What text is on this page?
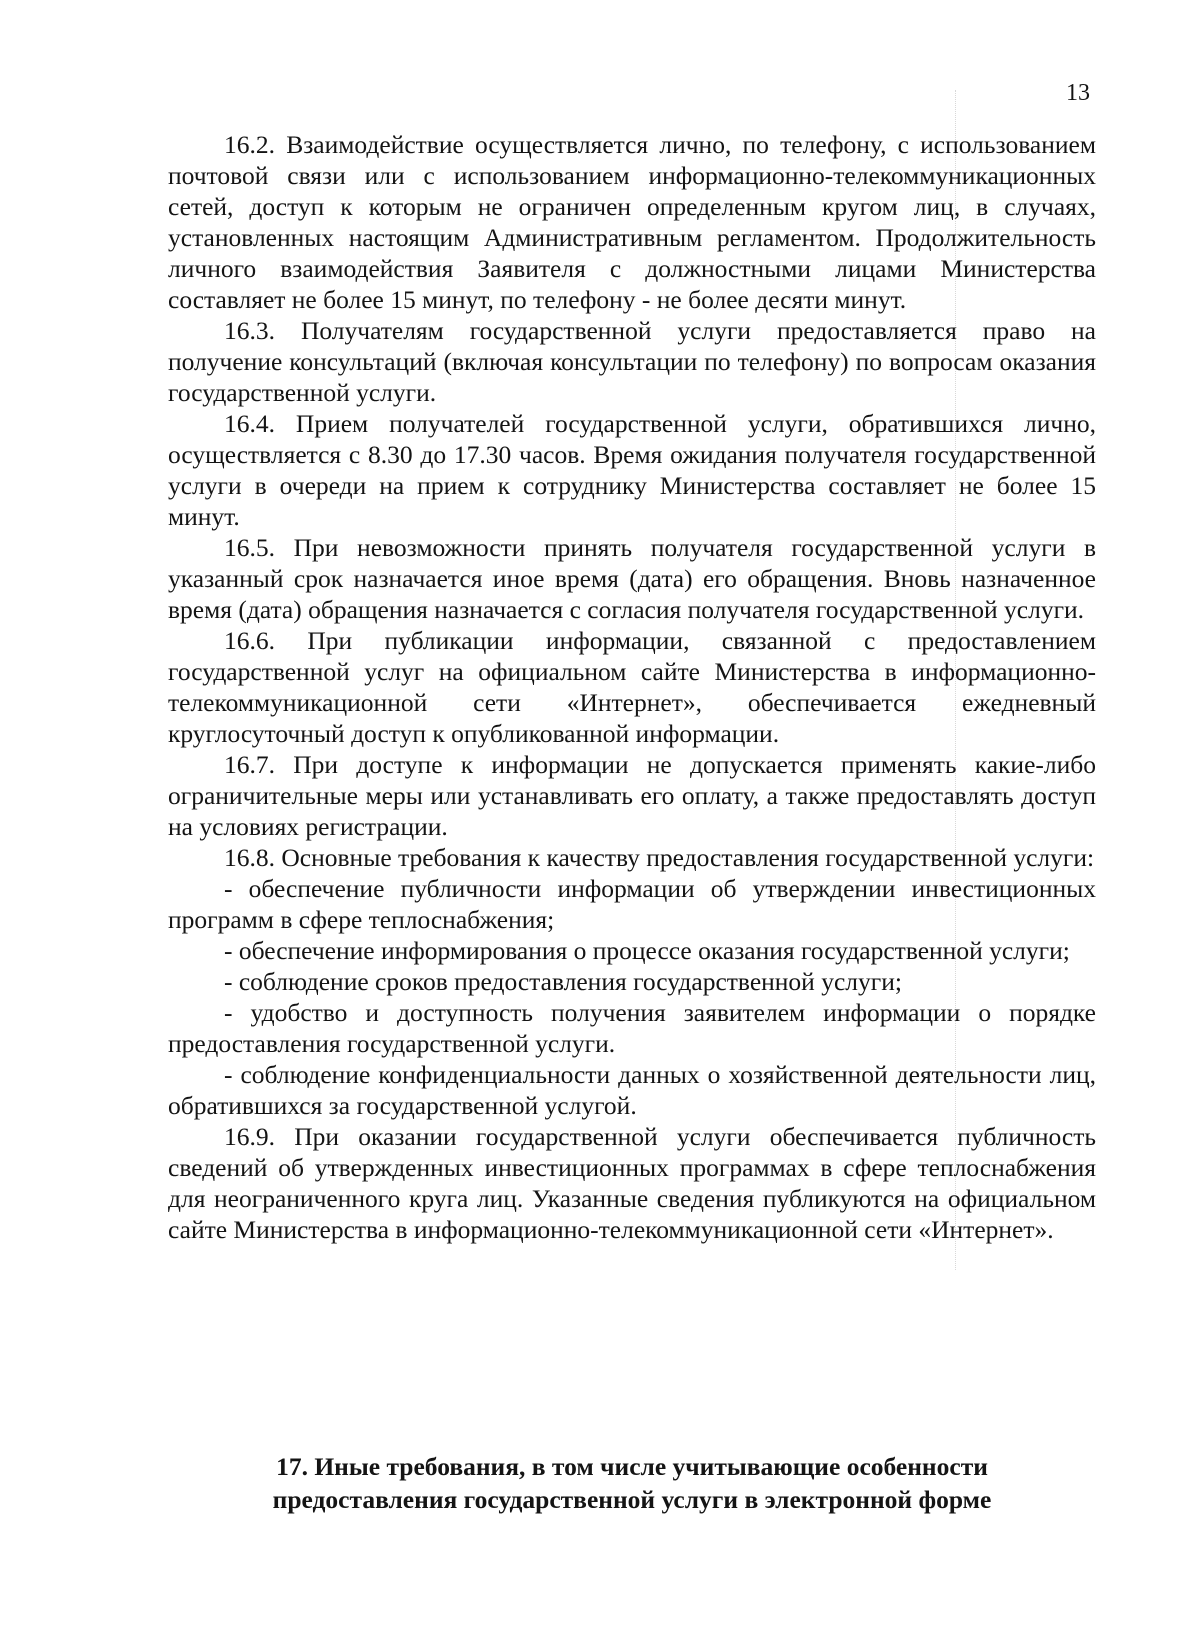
13

16.2. Взаимодействие осуществляется лично, по телефону, с использованием почтовой связи или с использованием информационно-телекоммуникационных сетей, доступ к которым не ограничен определенным кругом лиц, в случаях, установленных настоящим Административным регламентом. Продолжительность личного взаимодействия Заявителя с должностными лицами Министерства составляет не более 15 минут, по телефону - не более десяти минут.

16.3. Получателям государственной услуги предоставляется право на получение консультаций (включая консультации по телефону) по вопросам оказания государственной услуги.

16.4. Прием получателей государственной услуги, обратившихся лично, осуществляется с 8.30 до 17.30 часов. Время ожидания получателя государственной услуги в очереди на прием к сотруднику Министерства составляет не более 15 минут.

16.5. При невозможности принять получателя государственной услуги в указанный срок назначается иное время (дата) его обращения. Вновь назначенное время (дата) обращения назначается с согласия получателя государственной услуги.

16.6. При публикации информации, связанной с предоставлением государственной услуг на официальном сайте Министерства в информационно-телекоммуникационной сети «Интернет», обеспечивается ежедневный круглосуточный доступ к опубликованной информации.

16.7. При доступе к информации не допускается применять какие-либо ограничительные меры или устанавливать его оплату, а также предоставлять доступ на условиях регистрации.

16.8. Основные требования к качеству предоставления государственной услуги:

- обеспечение публичности информации об утверждении инвестиционных программ в сфере теплоснабжения;

- обеспечение информирования о процессе оказания государственной услуги;

- соблюдение сроков предоставления государственной услуги;

- удобство и доступность получения заявителем информации о порядке предоставления государственной услуги.

- соблюдение конфиденциальности данных о хозяйственной деятельности лиц, обратившихся за государственной услугой.

16.9. При оказании государственной услуги обеспечивается публичность сведений об утвержденных инвестиционных программах в сфере теплоснабжения для неограниченного круга лиц. Указанные сведения публикуются на официальном сайте Министерства в информационно-телекоммуникационной сети «Интернет».

17. Иные требования, в том числе учитывающие особенности
предоставления государственной услуги в электронной форме
